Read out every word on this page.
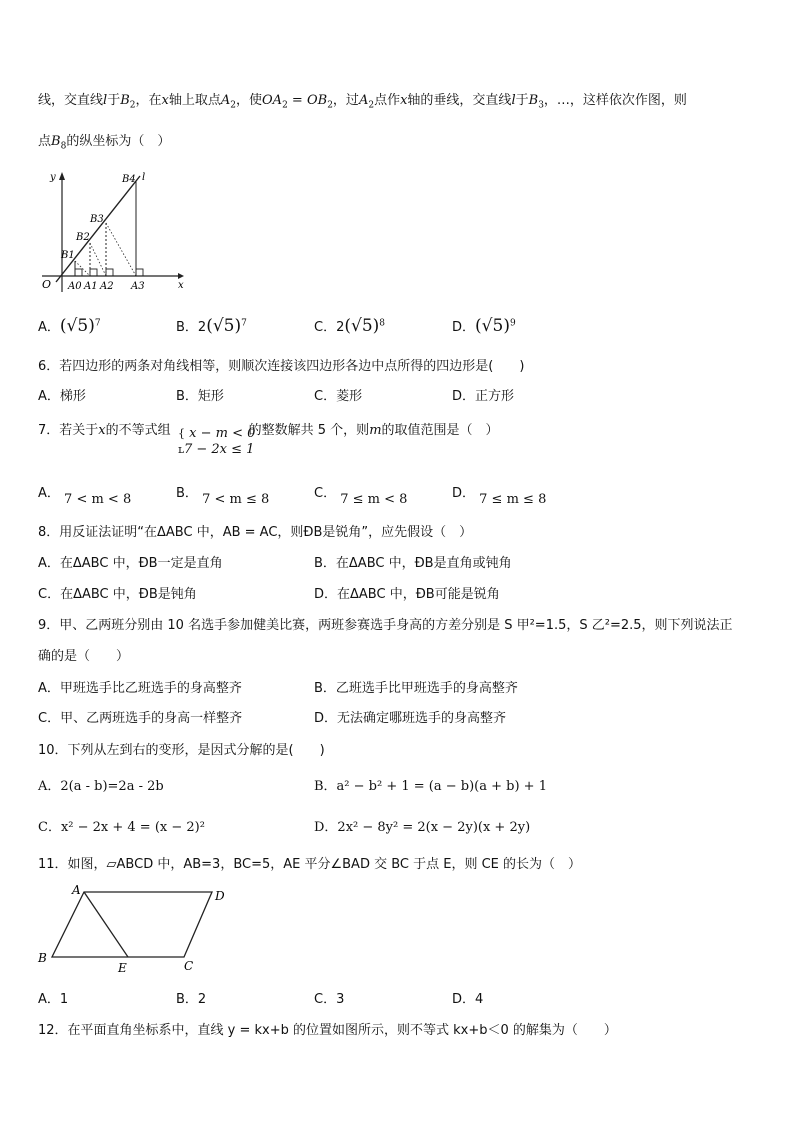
线，交直线l于$B_2$，在x轴上取点$A_2$，使$OA_2 = OB_2$，过$A_2$点作x轴的垂线，交直线l于$B_3$，…，这样依次作图，则
点$B_8$的纵坐标为（　）
y	l
O	x
B1
B2
B3
B4
A0 A1 A2 A3
A．$(√5)^7$	B．$2(√5)^7$	C．$2(√5)^8$	D．$(√5)^9$
6．若四边形的两条对角线相等，则顺次连接该四边形各边中点所得的四边形是(　　)
A．梯形	B．矩形	C．菱形	D．正方形
7．若关于x的不等式组	的整数解共 5 个，则m的取值范围是（　）
{ x − m < 0
ʟ7 − 2x ≤ 1
A． 7 < m < 8	B． 7 < m ≤ 8	C． 7 ≤ m < 8	D． 7 ≤ m ≤ 8
8．用反证法证明“在ΔABC 中，AB = AC，则ÐB是锐角”，应先假设（　）
A．在ΔABC 中，ÐB一定是直角	B．在ΔABC 中，ÐB是直角或钝角
C．在ΔABC 中，ÐB是钝角	D．在ΔABC 中，ÐB可能是锐角
9．甲、乙两班分别由 10 名选手参加健美比赛，两班参赛选手身高的方差分别是 S 甲²=1.5，S 乙²=2.5，则下列说法正
确的是（　　）
A．甲班选手比乙班选手的身高整齐	B．乙班选手比甲班选手的身高整齐
C．甲、乙两班选手的身高一样整齐	D．无法确定哪班选手的身高整齐
10．下列从左到右的变形，是因式分解的是(　　)
A．2(a - b)=2a - 2b	B．a² − b² + 1 = (a − b)(a + b) + 1
C．x² − 2x + 4 = (x − 2)²	D．2x² − 8y² = 2(x − 2y)(x + 2y)
11．如图，▱ABCD 中，AB=3，BC=5，AE 平分∠BAD 交 BC 于点 E，则 CE 的长为（　）
A	D
B
E	C
A．1	B．2	C．3	D．4
12．在平面直角坐标系中，直线 y = kx+b 的位置如图所示，则不等式 kx+b＜0 的解集为（　　）
